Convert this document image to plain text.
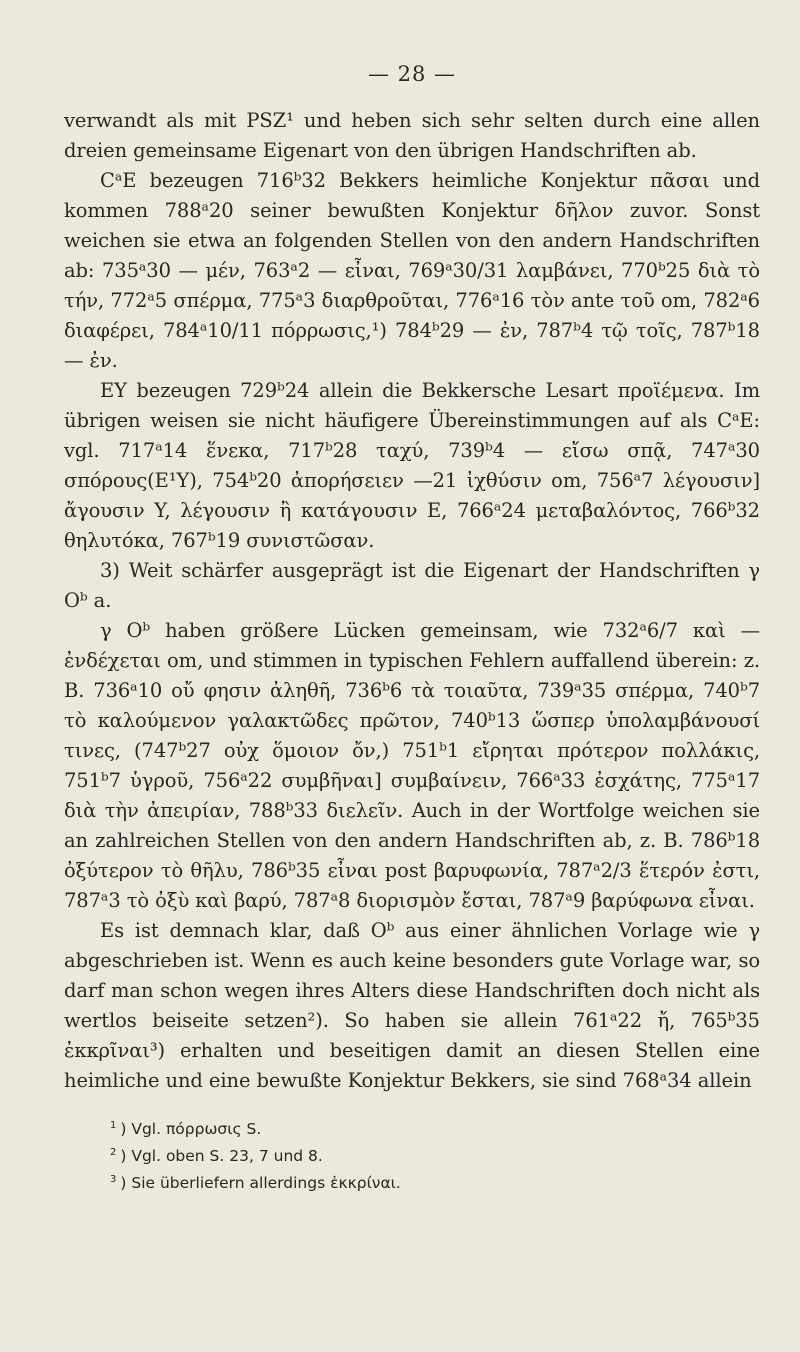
— 28 —

verwandt als mit PSZ¹ und heben sich sehr selten durch eine allen dreien gemeinsame Eigenart von den übrigen Handschriften ab.

CᵃE bezeugen 716ᵇ32 Bekkers heimliche Konjektur πᾶσαι und kommen 788ᵃ20 seiner bewußten Konjektur δῆλον zuvor. Sonst weichen sie etwa an folgenden Stellen von den andern Handschriften ab: 735ᵃ30 — μέν, 763ᵃ2 — εἶναι, 769ᵃ30/31 λαμβάνει, 770ᵇ25 διὰ τὸ τήν, 772ᵃ5 σπέρμα, 775ᵃ3 διαρθροῦται, 776ᵃ16 τὸν ante τοῦ om, 782ᵃ6 διαφέρει, 784ᵃ10/11 πόρρωσις,¹) 784ᵇ29 — ἐν, 787ᵇ4 τῷ τοῖς, 787ᵇ18 — ἐν.

EY bezeugen 729ᵇ24 allein die Bekkersche Lesart προϊέμενα. Im übrigen weisen sie nicht häufigere Übereinstimmungen auf als CᵃE: vgl. 717ᵃ14 ἕνεκα, 717ᵇ28 ταχύ, 739ᵇ4 — εἴσω σπᾷ, 747ᵃ30 σπόρους(E¹Y), 754ᵇ20 ἀπορήσειεν —21 ἰχθύσιν om, 756ᵃ7 λέγουσιν] ἄγουσιν Y, λέγουσιν ἢ κατάγουσιν E, 766ᵃ24 μεταβαλόντος, 766ᵇ32 θηλυτόκα, 767ᵇ19 συνιστῶσαν.

3) Weit schärfer ausgeprägt ist die Eigenart der Handschriften γ Oᵇ a.

γ Oᵇ haben größere Lücken gemeinsam, wie 732ᵃ6/7 καὶ — ἐνδέχεται om, und stimmen in typischen Fehlern auffallend überein: z. B. 736ᵃ10 οὔ φησιν ἀληθῆ, 736ᵇ6 τὰ τοιαῦτα, 739ᵃ35 σπέρμα, 740ᵇ7 τὸ καλούμενον γαλακτῶδες πρῶτον, 740ᵇ13 ὥσπερ ὑπολαμβάνουσί τινες, (747ᵇ27 οὐχ ὅμοιον ὄν,) 751ᵇ1 εἴρηται πρότερον πολλάκις, 751ᵇ7 ὑγροῦ, 756ᵃ22 συμβῆναι] συμβαίνειν, 766ᵃ33 ἐσχάτης, 775ᵃ17 διὰ τὴν ἀπειρίαν, 788ᵇ33 διελεῖν. Auch in der Wortfolge weichen sie an zahlreichen Stellen von den andern Handschriften ab, z. B. 786ᵇ18 ὀξύτερον τὸ θῆλυ, 786ᵇ35 εἶναι post βαρυφωνία, 787ᵃ2/3 ἕτερόν ἐστι, 787ᵃ3 τὸ ὀξὺ καὶ βαρύ, 787ᵃ8 διορισμὸν ἔσται, 787ᵃ9 βαρύφωνα εἶναι.

Es ist demnach klar, daß Oᵇ aus einer ähnlichen Vorlage wie γ abgeschrieben ist. Wenn es auch keine besonders gute Vorlage war, so darf man schon wegen ihres Alters diese Handschriften doch nicht als wertlos beiseite setzen²). So haben sie allein 761ᵃ22 ἤ, 765ᵇ35 ἐκκρῖναι³) erhalten und beseitigen damit an diesen Stellen eine heimliche und eine bewußte Konjektur Bekkers, sie sind 768ᵃ34 allein

$^1$ ) Vgl. πόρρωσις S.
$^2$ ) Vgl. oben S. 23, 7 und 8.
$^3$ ) Sie überliefern allerdings ἐκκρίναι.
